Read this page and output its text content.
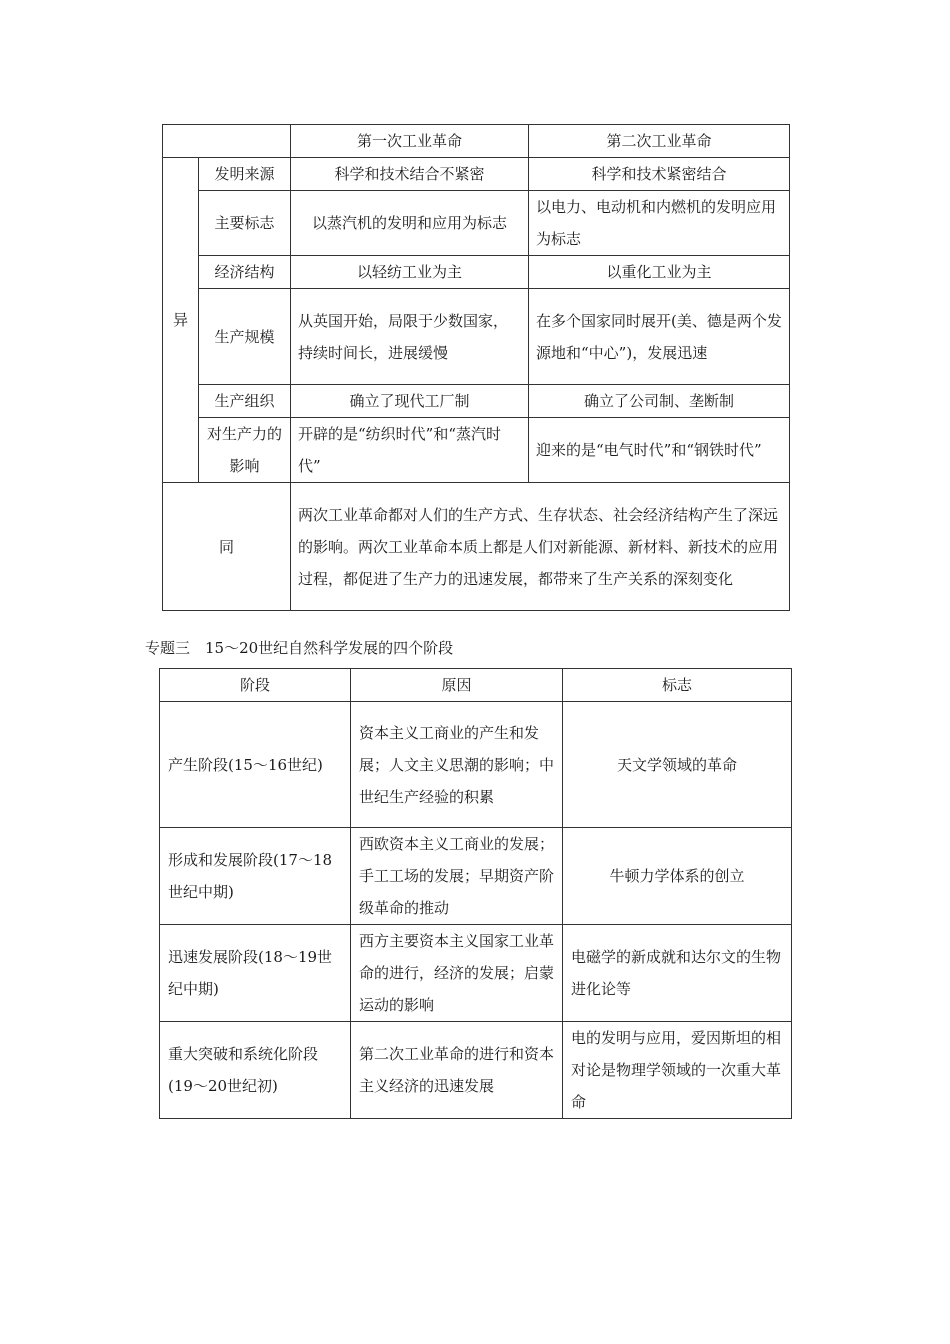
		第一次工业革命	第二次工业革命
异	发明来源	科学和技术结合不紧密	科学和技术紧密结合
	主要标志	以蒸汽机的发明和应用为标志	以电力、电动机和内燃机的发明应用为标志
	经济结构	以轻纺工业为主	以重化工业为主
	生产规模	从英国开始，局限于少数国家，持续时间长，进展缓慢	在多个国家同时展开(美、德是两个发源地和“中心”)，发展迅速
	生产组织	确立了现代工厂制	确立了公司制、垄断制
	对生产力的影响	开辟的是“纺织时代”和“蒸汽时代”	迎来的是“电气时代”和“钢铁时代”
同		两次工业革命都对人们的生产方式、生存状态、社会经济结构产生了深远的影响。两次工业革命本质上都是人们对新能源、新材料、新技术的应用过程，都促进了生产力的迅速发展，都带来了生产关系的深刻变化	
专题三　15～20世纪自然科学发展的四个阶段
阶段	原因	标志
产生阶段(15～16世纪)	资本主义工商业的产生和发展；人文主义思潮的影响；中世纪生产经验的积累	天文学领域的革命
形成和发展阶段(17～18世纪中期)	西欧资本主义工商业的发展；手工工场的发展；早期资产阶级革命的推动	牛顿力学体系的创立
迅速发展阶段(18～19世纪中期)	西方主要资本主义国家工业革命的进行，经济的发展；启蒙运动的影响	电磁学的新成就和达尔文的生物进化论等
重大突破和系统化阶段(19～20世纪初)	第二次工业革命的进行和资本主义经济的迅速发展	电的发明与应用，爱因斯坦的相对论是物理学领域的一次重大革命
